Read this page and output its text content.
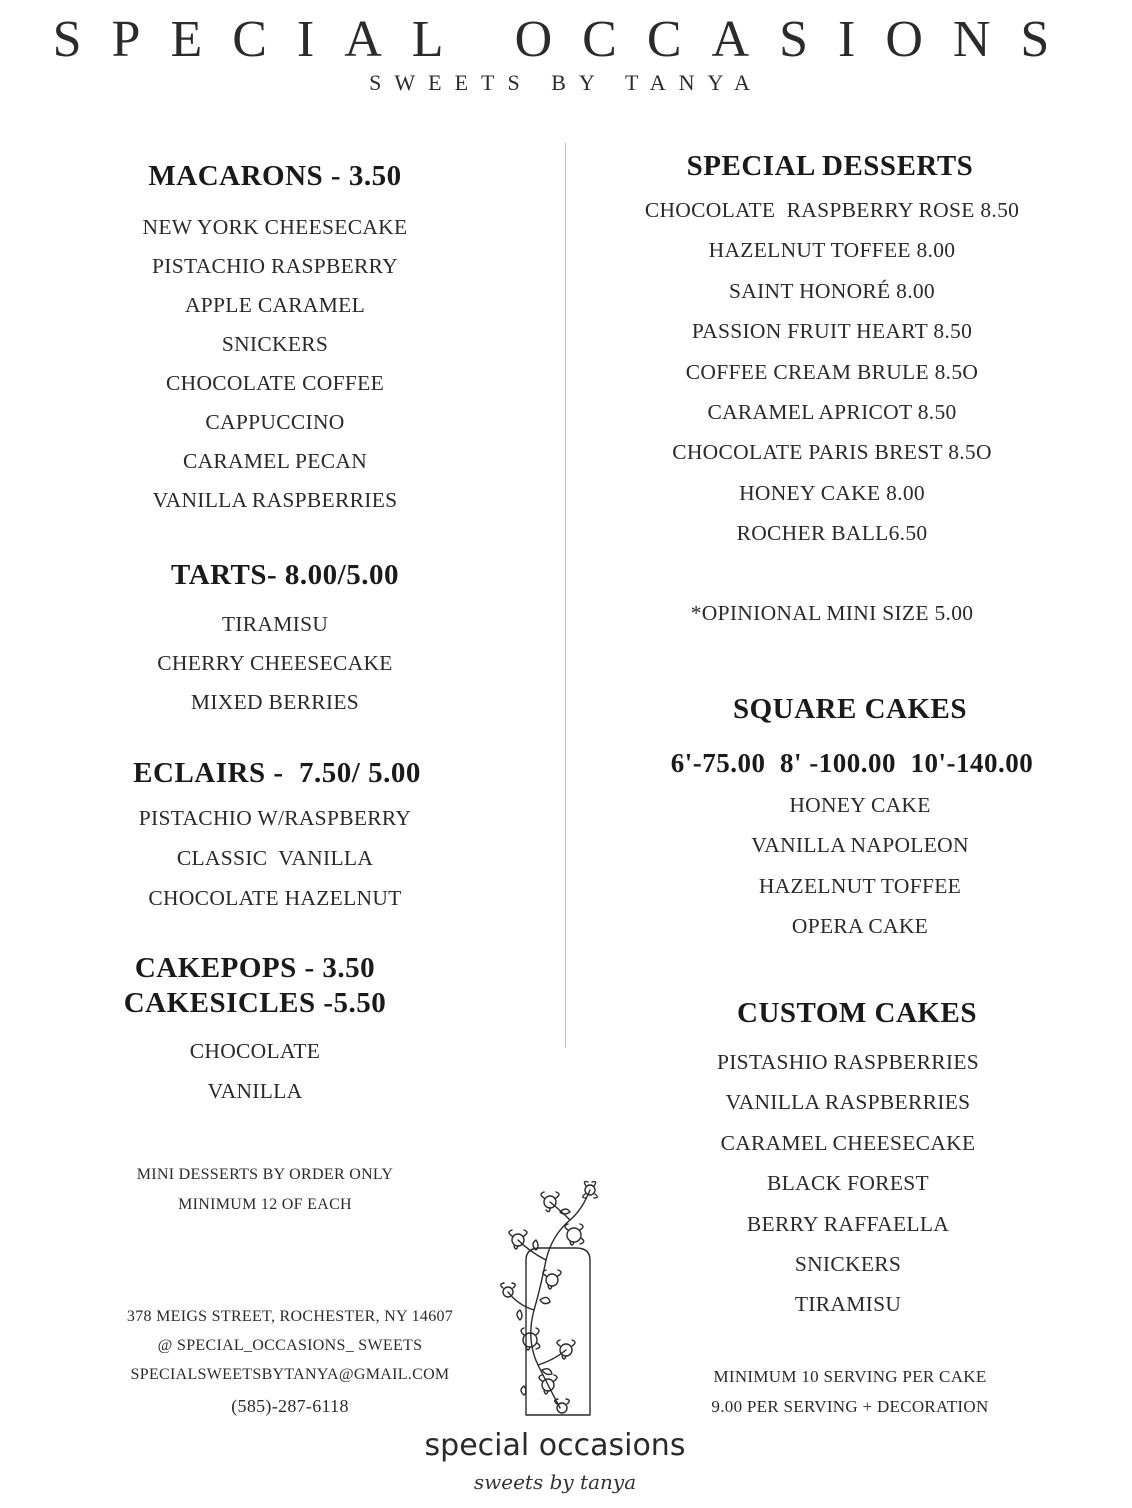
SPECIAL OCCASIONS
SWEETS BY TANYA
MACARONS - 3.50
NEW YORK CHEESECAKE
PISTACHIO RASPBERRY
APPLE CARAMEL
SNICKERS
CHOCOLATE COFFEE
CAPPUCCINO
CARAMEL PECAN
VANILLA RASPBERRIES
TARTS- 8.00/5.00
TIRAMISU
CHERRY CHEESECAKE
MIXED BERRIES
ECLAIRS -  7.50/ 5.00
PISTACHIO W/RASPBERRY
CLASSIC  VANILLA
CHOCOLATE HAZELNUT
CAKEPOPS - 3.50
CAKESICLES -5.50
CHOCOLATE
VANILLA
MINI DESSERTS BY ORDER ONLY
MINIMUM 12 OF EACH
378 MEIGS STREET, ROCHESTER, NY 14607
@ SPECIAL_OCCASIONS_ SWEETS
SPECIALSWEETSBYTANYA@GMAIL.COM
(585)-287-6118
SPECIAL DESSERTS
CHOCOLATE  RASPBERRY ROSE 8.50
HAZELNUT TOFFEE 8.00
SAINT HONORÉ 8.00
PASSION FRUIT HEART 8.50
COFFEE CREAM BRULE 8.5O
CARAMEL APRICOT 8.50
CHOCOLATE PARIS BREST 8.5O
HONEY CAKE 8.00
ROCHER BALL6.50
*OPINIONAL MINI SIZE 5.00
SQUARE CAKES
6'-75.00  8' -100.00  10'-140.00
HONEY CAKE
VANILLA NAPOLEON
HAZELNUT TOFFEE
OPERA CAKE
CUSTOM CAKES
PISTASHIO RASPBERRIES
VANILLA RASPBERRIES
CARAMEL CHEESECAKE
BLACK FOREST
BERRY RAFFAELLA
SNICKERS
TIRAMISU
MINIMUM 10 SERVING PER CAKE
9.00 PER SERVING + DECORATION
special occasions
sweets by tanya
